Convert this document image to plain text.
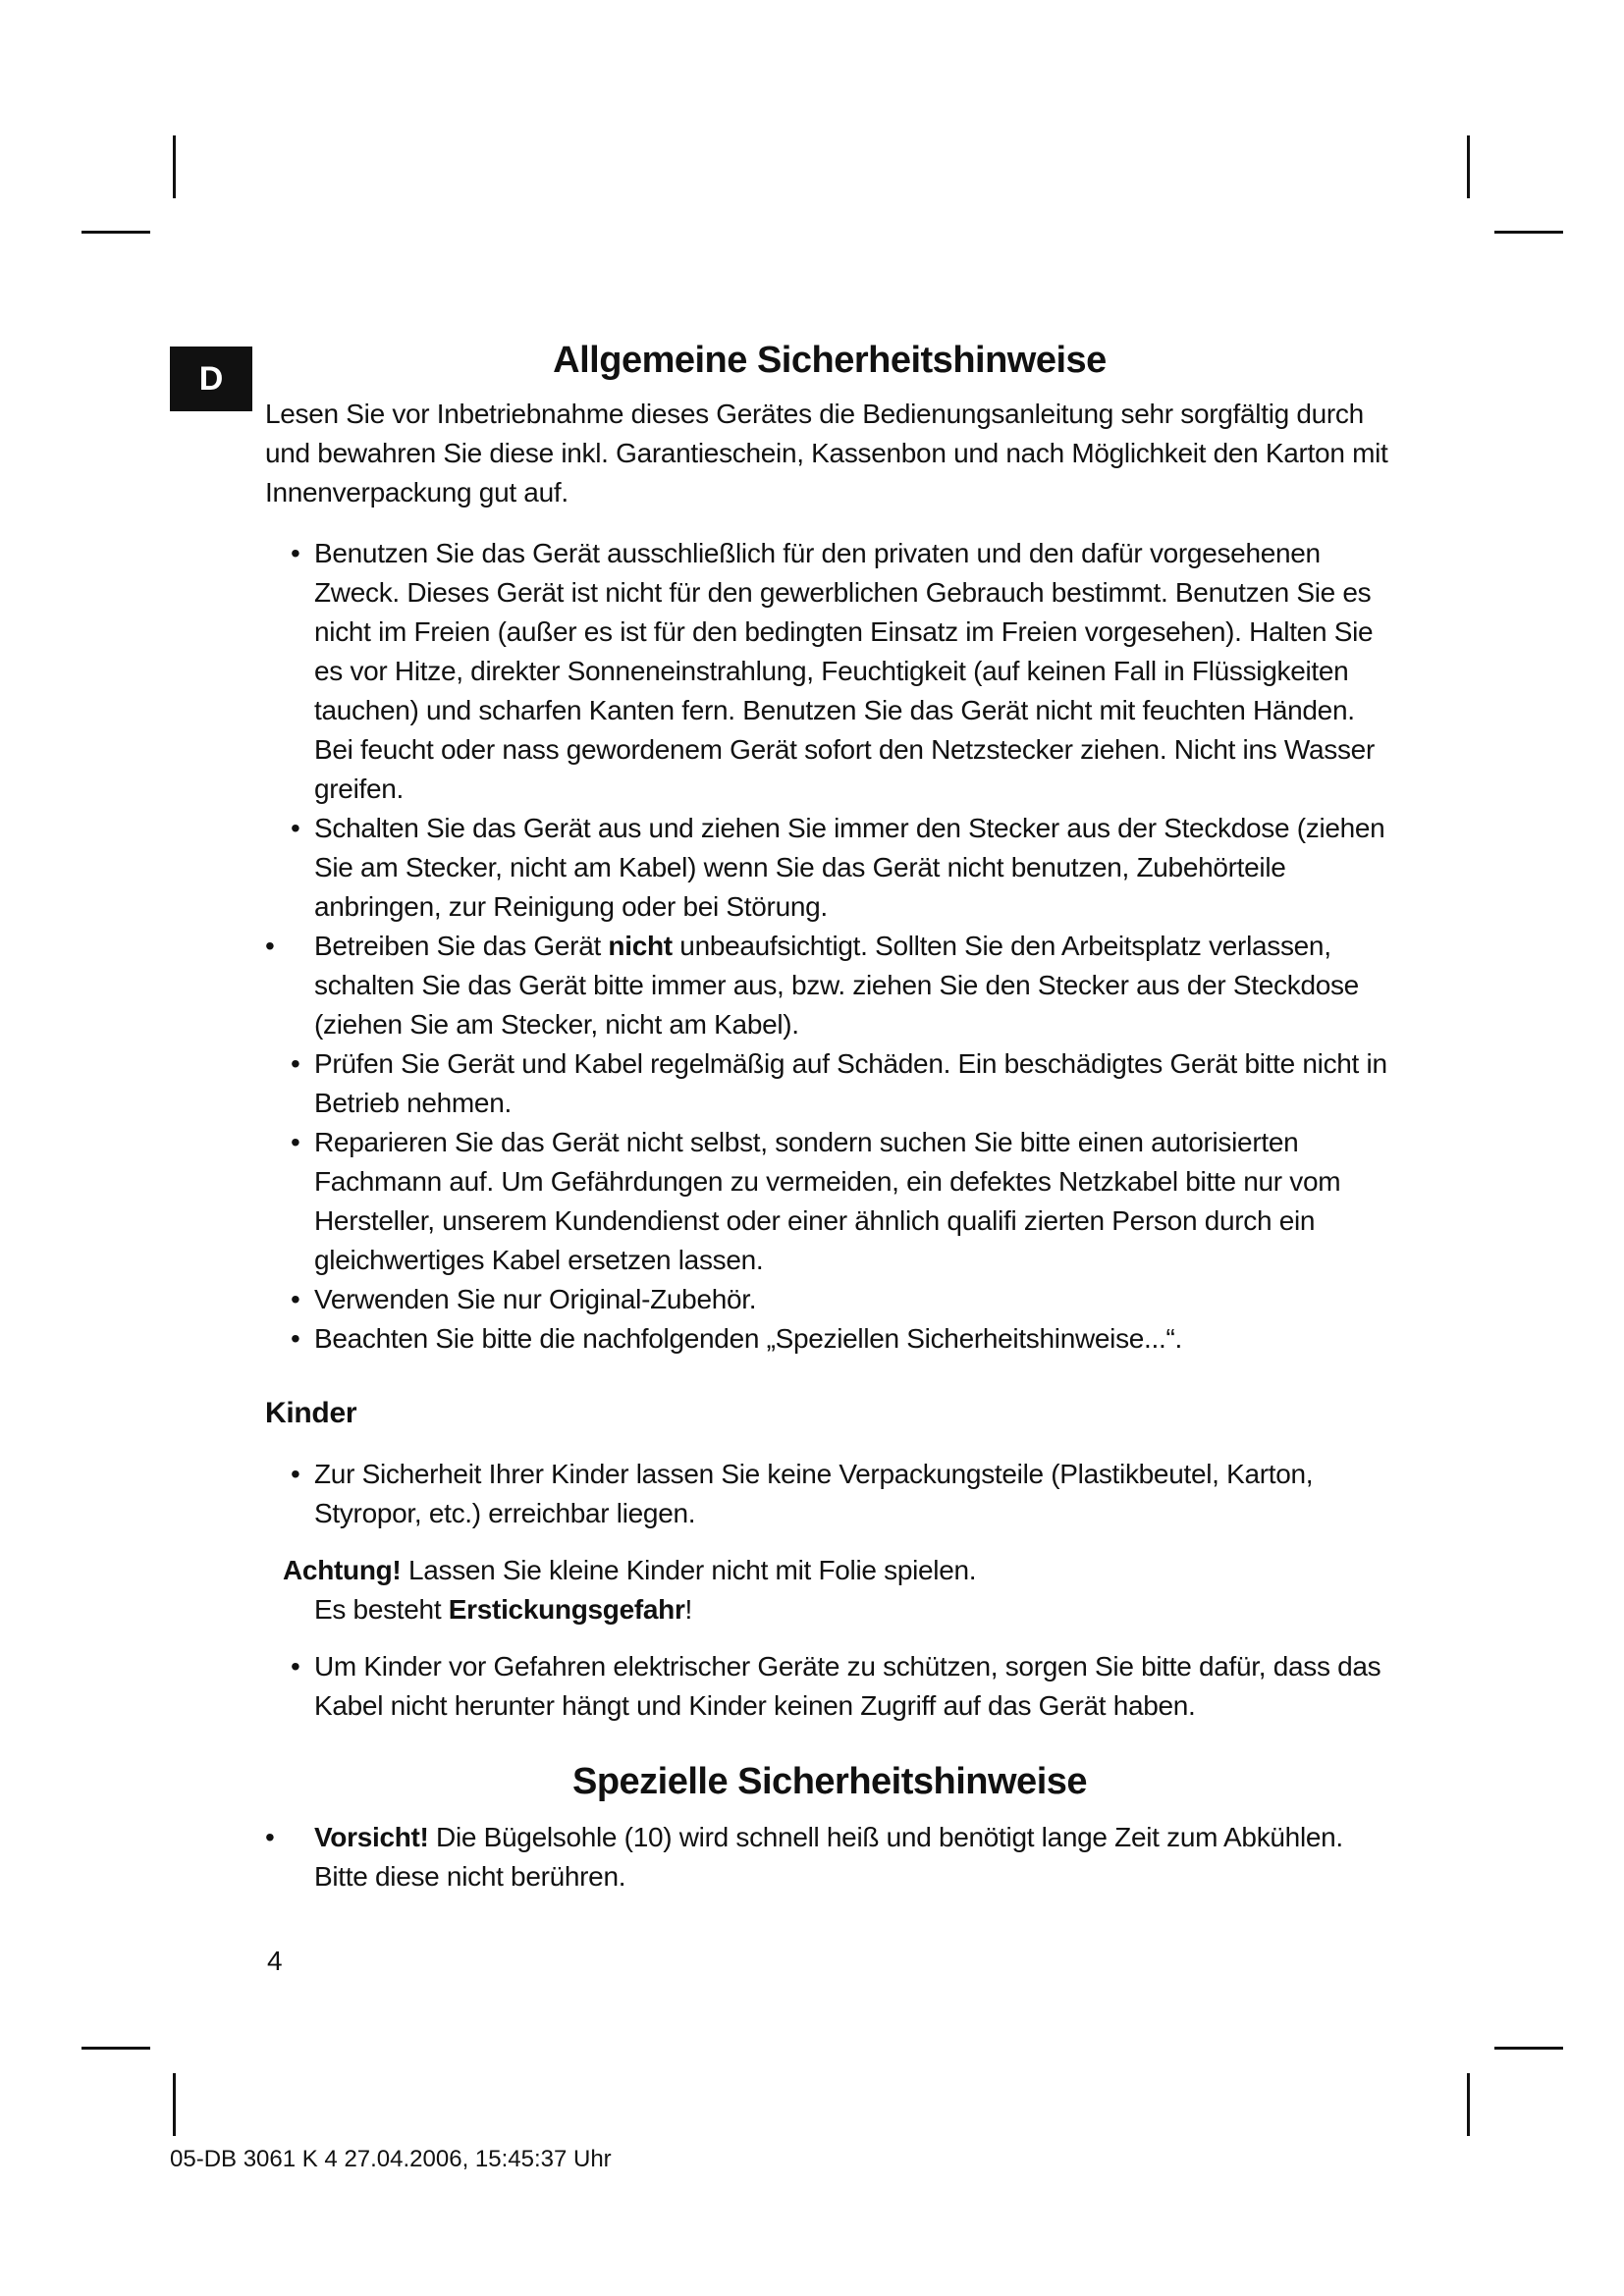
D	Allgemeine Sicherheitshinweise

Lesen Sie vor Inbetriebnahme dieses Gerätes die Bedienungsanleitung sehr sorgfältig durch und bewahren Sie diese inkl. Garantieschein, Kassenbon und nach Möglichkeit den Karton mit Innenverpackung gut auf.

• Benutzen Sie das Gerät ausschließlich für den privaten und den dafür vorgesehenen Zweck. Dieses Gerät ist nicht für den gewerblichen Gebrauch bestimmt. Benutzen Sie es nicht im Freien (außer es ist für den bedingten Einsatz im Freien vorgesehen). Halten Sie es vor Hitze, direkter Sonneneinstrahlung, Feuchtigkeit (auf keinen Fall in Flüssigkeiten tauchen) und scharfen Kanten fern. Benutzen Sie das Gerät nicht mit feuchten Händen. Bei feucht oder nass gewordenem Gerät sofort den Netzstecker ziehen. Nicht ins Wasser greifen.
• Schalten Sie das Gerät aus und ziehen Sie immer den Stecker aus der Steckdose (ziehen Sie am Stecker, nicht am Kabel) wenn Sie das Gerät nicht benutzen, Zubehörteile anbringen, zur Reinigung oder bei Störung.
• Betreiben Sie das Gerät nicht unbeaufsichtigt. Sollten Sie den Arbeitsplatz verlassen, schalten Sie das Gerät bitte immer aus, bzw. ziehen Sie den Stecker aus der Steckdose (ziehen Sie am Stecker, nicht am Kabel).
• Prüfen Sie Gerät und Kabel regelmäßig auf Schäden. Ein beschädigtes Gerät bitte nicht in Betrieb nehmen.
• Reparieren Sie das Gerät nicht selbst, sondern suchen Sie bitte einen autorisierten Fachmann auf. Um Gefährdungen zu vermeiden, ein defektes Netzkabel bitte nur vom Hersteller, unserem Kundendienst oder einer ähnlich qualifi zierten Person durch ein gleichwertiges Kabel ersetzen lassen.
• Verwenden Sie nur Original-Zubehör.
• Beachten Sie bitte die nachfolgenden „Speziellen Sicherheitshinweise...“.
Kinder
• Zur Sicherheit Ihrer Kinder lassen Sie keine Verpackungsteile (Plastikbeutel, Karton, Styropor, etc.) erreichbar liegen.
Achtung! Lassen Sie kleine Kinder nicht mit Folie spielen.
Es besteht Erstickungsgefahr!
• Um Kinder vor Gefahren elektrischer Geräte zu schützen, sorgen Sie bitte dafür, dass das Kabel nicht herunter hängt und Kinder keinen Zugriff auf das Gerät haben.
Spezielle Sicherheitshinweise
• Vorsicht! Die Bügelsohle (10) wird schnell heiß und benötigt lange Zeit zum Abkühlen. Bitte diese nicht berühren.
4
05-DB 3061 K 4 27.04.2006, 15:45:37 Uhr
